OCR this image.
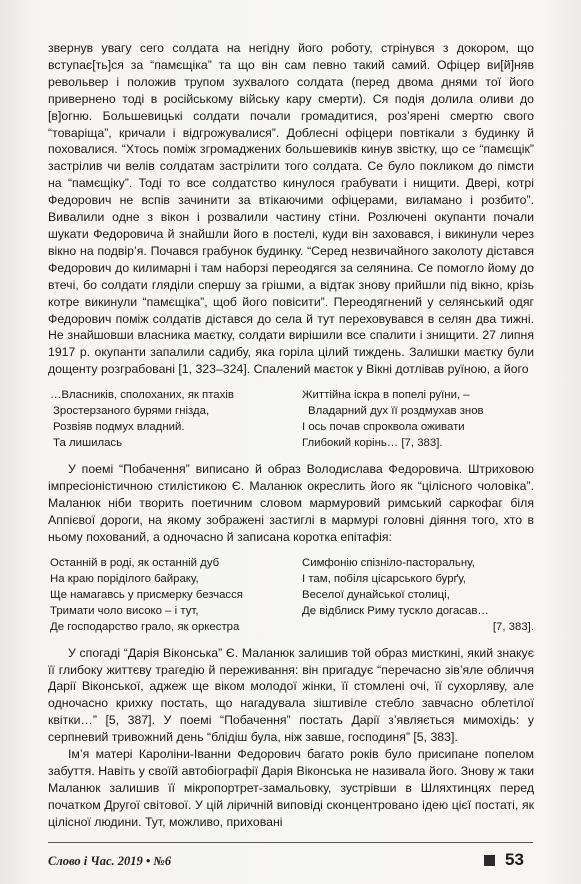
звернув увагу сего солдата на негідну його роботу, стрінувся з докором, що вступає[ть]ся за “памєщіка” та що він сам певно такий самий. Офіцер ви[й]няв револьвер і положив трупом зухвалого солдата (перед двома днями тої його привернено тоді в російському війську кару смерти). Ся подія долила оливи до [в]огню. Большевицькі солдати почали громадитися, роз’ярені смертю свого “товаріща”, кричали і відгрожувалися”. Доблесні офіцери повтікали з будинку й поховалися. “Хтось поміж згромаджених большевиків кинув звістку, що се “памєщік” застрілив чи велів солдатам застрілити того солдата. Се було покликом до пімсти на “памєщіку”. Тоді то все солдатство кинулося грабувати і нищити. Двері, котрі Федорович не вспів зачинити за втікаючими офіцерами, виламано і розбито”. Вивалили одне з вікон і розвалили частину стіни. Розлючені окупанти почали шукати Федоровича й знайшли його в постелі, куди він заховався, і викинули через вікно на подвір’я. Почався грабунок будинку. “Серед незвичайного заколоту дістався Федорович до килимарні і там наборзі переодягся за селянина. Се помогло йому до втечі, бо солдати гляділи спершу за грішми, а відтак знову прийшли під вікно, крізь котре викинули “памєщіка”, щоб його повісити”. Переодягнений у селянський одяг Федорович поміж солдатів дістався до села й тут переховувався в селян два тижні. Не знайшовши власника маєтку, солдати вирішили все спалити і знищити. 27 липня 1917 р. окупанти запалили садибу, яка горіла цілий тиждень. Залишки маєтку були дощенту розграбовані [1, 323–324]. Спалений маєток у Вікні дотлівав руїною, а його

…Власників, сполоханих, як птахів
Зростерзаного бурями гнізда,
Розвіяв подмух владний.
Та лишилась
Життійна іскра в попелі руїни, –
Владарний дух її роздмухав знов
І ось почав спроквола оживати
Глибокий корінь… [7, 383].

У поемі “Побачення” виписано й образ Володислава Федоровича. Штриховою імпресіоністичною стилістикою Є. Маланюк окреслить його як “цілісного чоловіка”. Маланюк ніби творить поетичним словом мармуровий римський саркофаг біля Аппієвої дороги, на якому зображені застиглі в мармурі головні діяння того, хто в ньому похований, а одночасно й записана коротка епітафія:

Останній в роді, як останній дуб
На краю поріділого байраку,
Ще намагавсь у присмерку безчасся
Тримати чоло високо – і тут,
Де господарство грало, як оркестра
Симфонію спізніло-пасторальну,
І там, побіля цісарського бурґу,
Веселої дунайської столиці,
Де відблиск Риму тускло догасав…
[7, 383].

У спогаді “Дарія Віконська” Є. Маланюк залишив той образ мисткині, який знакує її глибоку життєву трагедію й переживання: він пригадує “перечасно зів’яле обличчя Дарії Віконської, аджеж ще віком молодої жінки, її стомлені очі, її сухорляву, але одночасно крихку постать, що нагадувала зіштивіле стебло завчасно облетілої квітки…” [5, 387]. У поемі “Побачення” постать Дарії з’являється мимохідь: у серпневий тривожний день “блідіш була, ніж завше, господиня” [5, 383].

Ім’я матері Кароліни-Іванни Федорович багато років було присипане попелом забуття. Навіть у своїй автобіографії Дарія Віконська не називала його. Знову ж таки Маланюк залишив її мікропортрет-замальовку, зустрівши в Шляхтинцях перед початком Другої світової. У цій ліричній виповіді сконцентровано ідею цієї постаті, як цілісної людини. Тут, можливо, приховані

Слово і Час. 2019 • №6	53
